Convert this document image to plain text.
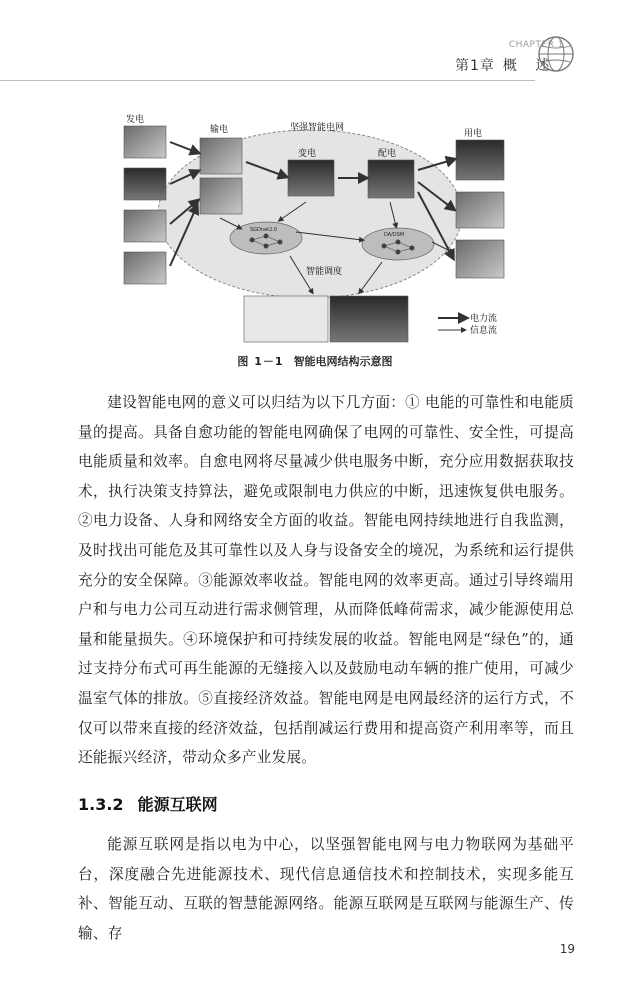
CHAPTER 1
第1章 概 述
发电
输电	坚强智能电网
变电	配电
用电
智能调度
SGDnet2.0
DA/DSM
电力流
信息流
图 1－1 智能电网结构示意图

建设智能电网的意义可以归结为以下几方面：① 电能的可靠性和电能质量的提高。具备自愈功能的智能电网确保了电网的可靠性、安全性，可提高电能质量和效率。自愈电网将尽量减少供电服务中断，充分应用数据获取技术，执行决策支持算法，避免或限制电力供应的中断，迅速恢复供电服务。②电力设备、人身和网络安全方面的收益。智能电网持续地进行自我监测，及时找出可能危及其可靠性以及人身与设备安全的境况，为系统和运行提供充分的安全保障。③能源效率收益。智能电网的效率更高。通过引导终端用户和与电力公司互动进行需求侧管理，从而降低峰荷需求，减少能源使用总量和能量损失。④环境保护和可持续发展的收益。智能电网是“绿色”的，通过支持分布式可再生能源的无缝接入以及鼓励电动车辆的推广使用，可减少温室气体的排放。⑤直接经济效益。智能电网是电网最经济的运行方式，不仅可以带来直接的经济效益，包括削减运行费用和提高资产利用率等，而且还能振兴经济，带动众多产业发展。

1.3.2 能源互联网

能源互联网是指以电为中心，以坚强智能电网与电力物联网为基础平台，深度融合先进能源技术、现代信息通信技术和控制技术，实现多能互补、智能互动、互联的智慧能源网络。能源互联网是互联网与能源生产、传输、存

19
